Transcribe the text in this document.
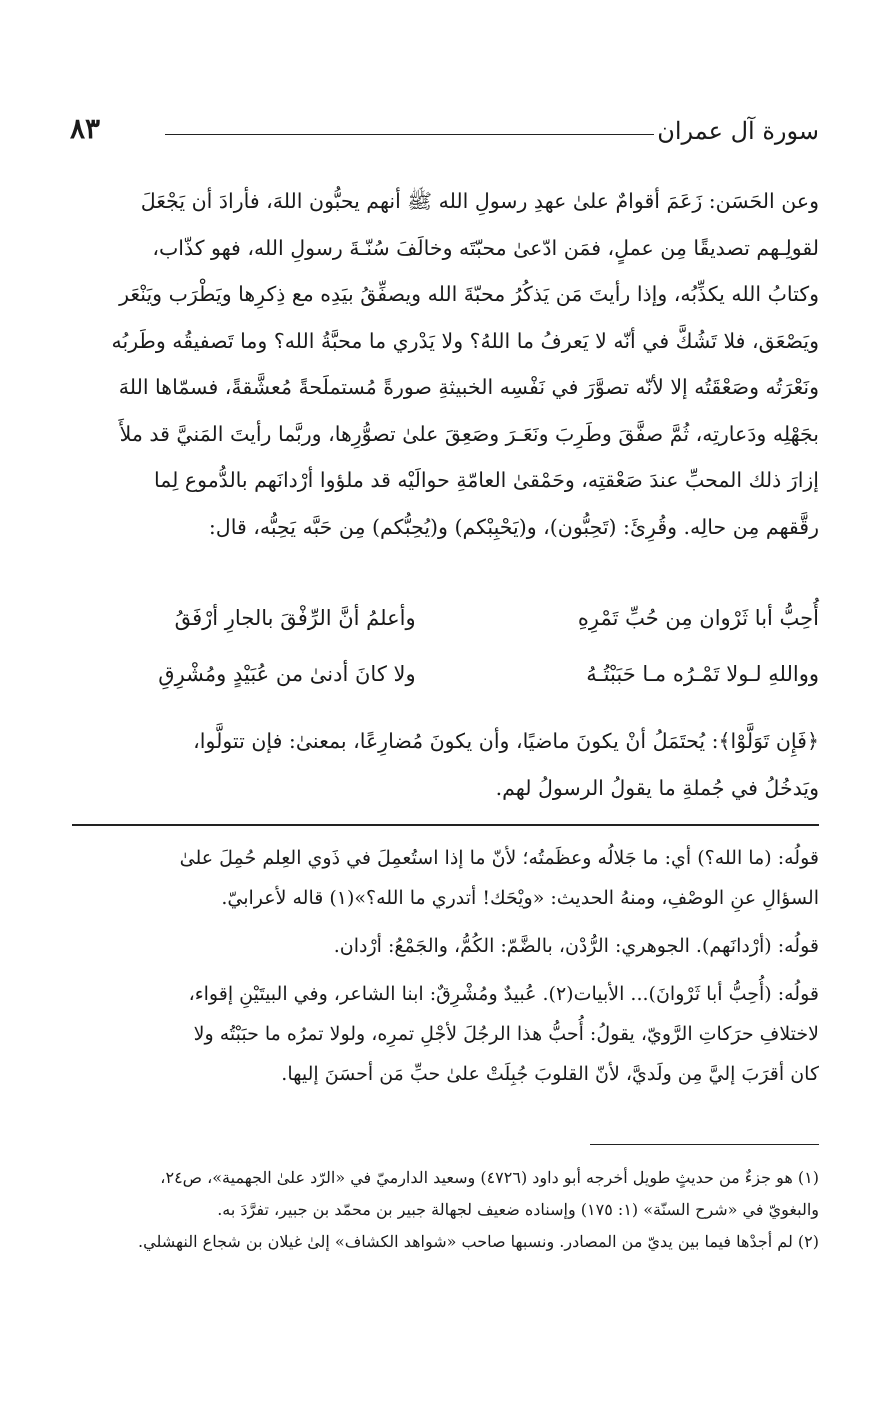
سورة آل عمران
٨٣
وعن الحَسَن: زَعَمَ أقوامٌ علىٰ عهدِ رسولِ الله ﷺ أنهم يحبُّون اللهَ، فأرادَ أن يَجْعَلَ
لقولِـهم تصديقًا مِن عملٍ، فمَن ادّعىٰ محبّتَه وخالَفَ سُنّـةَ رسولِ الله، فهو كذّاب،
وكتابُ الله يكذِّبُه، وإذا رأيتَ مَن يَذكُرُ محبّةَ الله ويصفِّقُ بيَدِه مع ذِكرِها ويَطْرَب ويَنْعَر
ويَصْعَق، فلا تَشُكَّ في أنّه لا يَعرفُ ما اللهُ؟ ولا يَدْري ما محبَّةُ الله؟ وما تَصفيقُه وطَربُه
ونَعْرَتُه وصَعْقَتُه إلا لأنّه تصوَّرَ في نَفْسِه الخبيثةِ صورةً مُستملَحةً مُعشَّقةً، فسمّاها اللهَ
بجَهْلِه ودَعارتِه، ثُمَّ صفَّقَ وطَرِبَ ونَعَـرَ وصَعِقَ علىٰ تصوُّرِها، وربَّما رأيتَ المَنيَّ قد ملأَ
إزارَ ذلك المحبِّ عندَ صَعْقتِه، وحَمْقىٰ العامّةِ حوالَيْه قد ملؤوا أرْدانَهم بالدُّموع لِما
رقَّقهم مِن حالِه. وقُرِئَ: (تَحِبُّون)، و(يَحْبِبْكم) و(يُحِبُّكم) مِن حَبَّه يَحِبُّه، قال:
أُحِبُّ أبا ثَرْوان مِن حُبِّ تَمْرِهِ
وأعلمُ أنَّ الرِّفْقَ بالجارِ أرْفَقُ
وواللهِ لـولا تَمْـرُه مـا حَبَبْتُـهُ
ولا كانَ أدنىٰ من عُبَيْدٍ ومُشْرِقِ
﴿فَإِن تَوَلَّوْا﴾: يُحتَمَلُ أنْ يكونَ ماضيًا، وأن يكونَ مُضارِعًا، بمعنىٰ: فإن تتولَّوا،
ويَدخُلُ في جُملةِ ما يقولُ الرسولُ لهم.
قولُه: (ما الله؟) أي: ما جَلالُه وعظَمتُه؛ لأنّ ما إذا استُعمِلَ في ذَوي العِلم حُمِلَ علىٰ
السؤالِ عنِ الوصْفِ، ومنهُ الحديث: «ويْحَك! أتدري ما الله؟»(١) قاله لأعرابيّ.
قولُه: (أرْدانَهم). الجوهري: الرُّدْن، بالضَّمّ: الكُمُّ، والجَمْعُ: أرْدان.
قولُه: (أُحِبُّ أبا ثَرْوانَ)... الأبيات(٢). عُبيدٌ ومُشْرِقٌ: ابنا الشاعر، وفي البيتَيْنِ إقواء،
لاختلافِ حرَكاتِ الرَّويّ، يقولُ: أُحبُّ هذا الرجُلَ لأجْلِ تمرِه، ولولا تمرُه ما حبَبْتُه ولا
كان أقرَبَ إليَّ مِن ولَديَّ، لأنّ القلوبَ جُبِلَتْ علىٰ حبِّ مَن أحسَنَ إليها.
(١) هو جزءٌ من حديثٍ طويل أخرجه أبو داود (٤٧٢٦) وسعيد الدارميّ في «الرّد علىٰ الجهمية»، ص٢٤،
والبغويّ في «شرح السنّة» (١: ١٧٥) وإسناده ضعيف لجهالة جبير بن محمّد بن جبير، تفرَّدَ به.
(٢) لم أجدْها فيما بين يديّ من المصادر. ونسبها صاحب «شواهد الكشاف» إلىٰ غيلان بن شجاع النهشلي.
